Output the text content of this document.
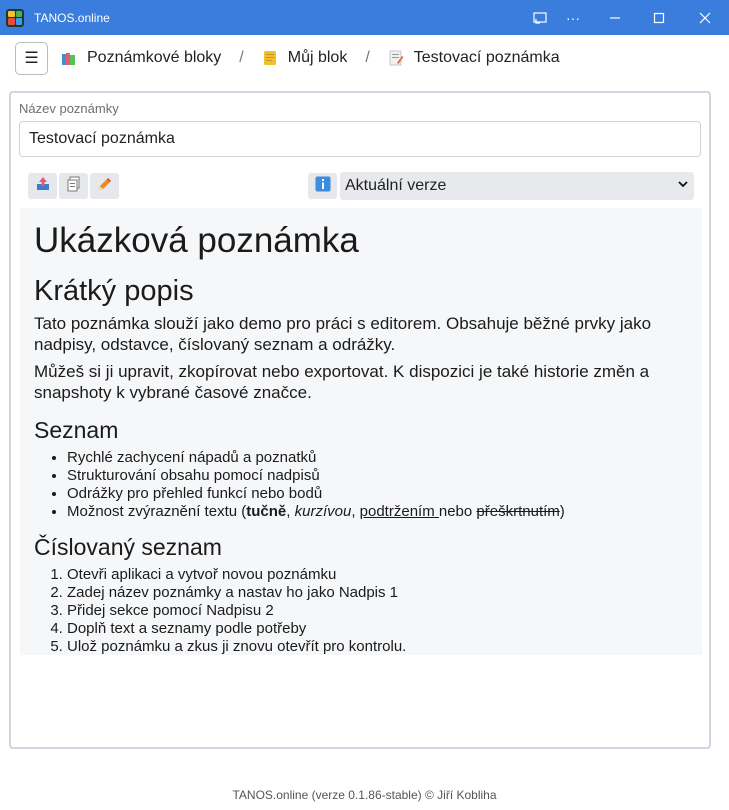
TANOS.online	···
☰	Poznámkové bloky /	Můj blok /	Testovací poznámka
Název poznámky
Testovací poznámka
Aktuální verze
Ukázková poznámka
Krátký popis

Tato poznámka slouží jako demo pro práci s editorem. Obsahuje běžné prvky jako nadpisy, odstavce, číslovaný seznam a odrážky.

Můžeš si ji upravit, zkopírovat nebo exportovat. K dispozici je také historie změn a snapshoty k vybrané časové značce.

Seznam
• Rychlé zachycení nápadů a poznatků
• Strukturování obsahu pomocí nadpisů
• Odrážky pro přehled funkcí nebo bodů
• Možnost zvýraznění textu (tučně, kurzívou, podtržením nebo přeškrtnutím)
Číslovaný seznam
1. Otevři aplikaci a vytvoř novou poznámku
2. Zadej název poznámky a nastav ho jako Nadpis 1
3. Přidej sekce pomocí Nadpisu 2
4. Doplň text a seznamy podle potřeby
5. Ulož poznámku a zkus ji znovu otevřít pro kontrolu.
TANOS.online (verze 0.1.86-stable) © Jiří Kobliha
